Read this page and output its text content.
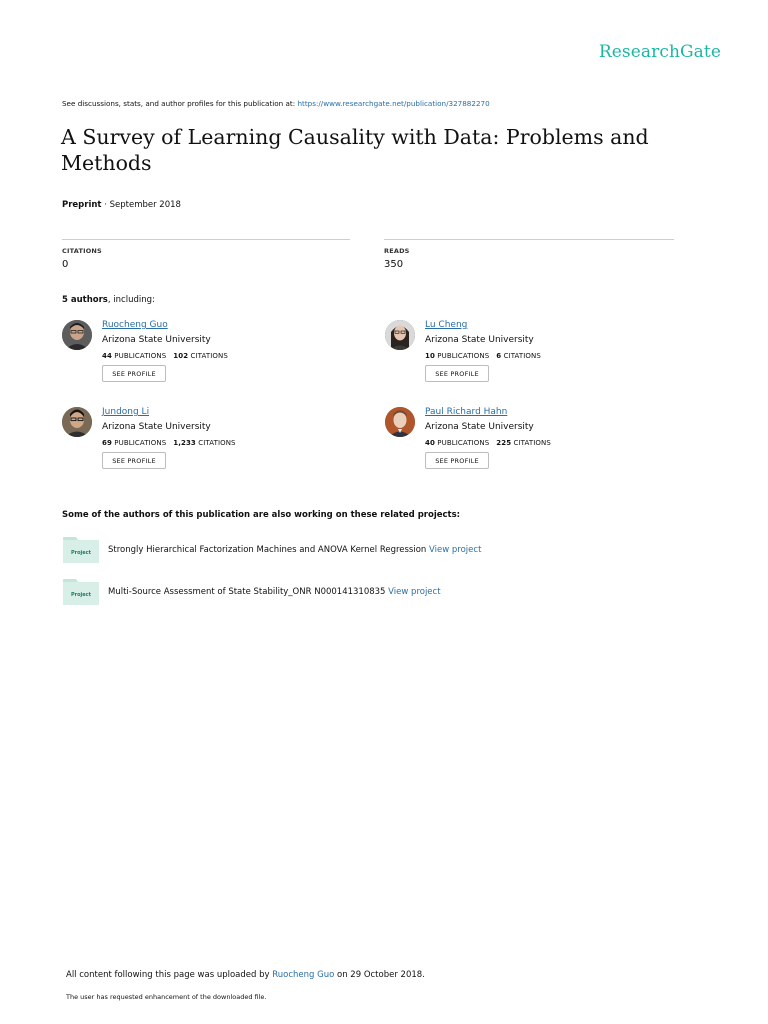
ResearchGate
See discussions, stats, and author profiles for this publication at: https://www.researchgate.net/publication/327882270
A Survey of Learning Causality with Data: Problems and Methods
Preprint · September 2018
CITATIONS
0
READS
350
5 authors, including:
Ruocheng Guo
Arizona State University
44 PUBLICATIONS 102 CITATIONS
SEE PROFILE
Lu Cheng
Arizona State University
10 PUBLICATIONS 6 CITATIONS
SEE PROFILE
Jundong Li
Arizona State University
69 PUBLICATIONS 1,233 CITATIONS
SEE PROFILE
Paul Richard Hahn
Arizona State University
40 PUBLICATIONS 225 CITATIONS
SEE PROFILE
Some of the authors of this publication are also working on these related projects:
Project Strongly Hierarchical Factorization Machines and ANOVA Kernel Regression View project
Project Multi-Source Assessment of State Stability_ONR N000141310835 View project
All content following this page was uploaded by Ruocheng Guo on 29 October 2018.
The user has requested enhancement of the downloaded file.
